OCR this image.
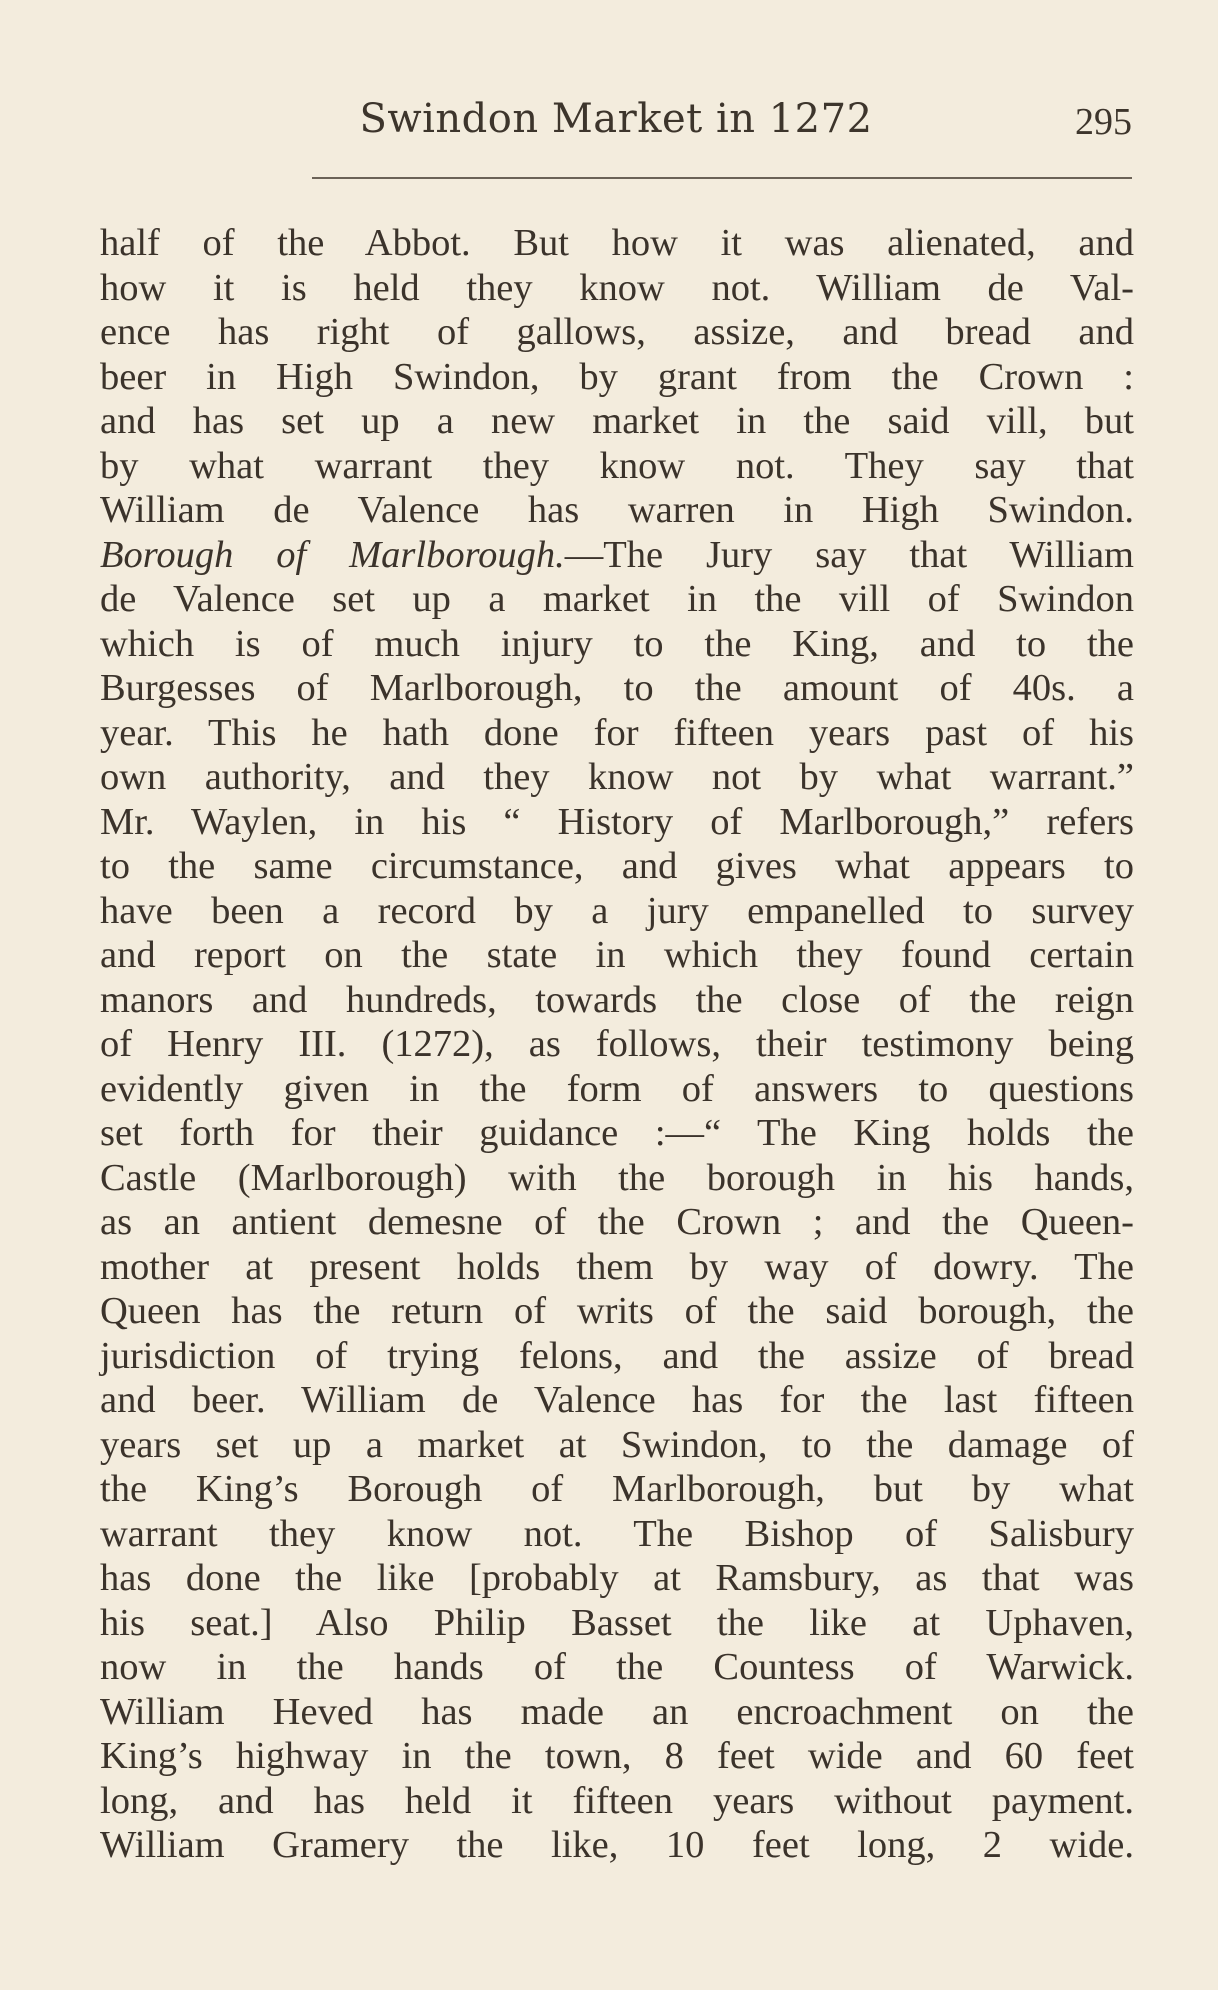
Swindon Market in 1272	295
half of the Abbot. But how it was alienated, and
how it is held they know not. William de Val-
ence has right of gallows, assize, and bread and
beer in High Swindon, by grant from the Crown :
and has set up a new market in the said vill, but
by what warrant they know not. They say that
William de Valence has warren in High Swindon.
Borough of Marlborough.—The Jury say that William
de Valence set up a market in the vill of Swindon
which is of much injury to the King, and to the
Burgesses of Marlborough, to the amount of 40s. a
year. This he hath done for fifteen years past of his
own authority, and they know not by what warrant.”
Mr. Waylen, in his “ History of Marlborough,” refers
to the same circumstance, and gives what appears to
have been a record by a jury empanelled to survey
and report on the state in which they found certain
manors and hundreds, towards the close of the reign
of Henry III. (1272), as follows, their testimony being
evidently given in the form of answers to questions
set forth for their guidance :—“ The King holds the
Castle (Marlborough) with the borough in his hands,
as an antient demesne of the Crown ; and the Queen-
mother at present holds them by way of dowry. The
Queen has the return of writs of the said borough, the
jurisdiction of trying felons, and the assize of bread
and beer. William de Valence has for the last fifteen
years set up a market at Swindon, to the damage of
the King’s Borough of Marlborough, but by what
warrant they know not. The Bishop of Salisbury
has done the like [probably at Ramsbury, as that was
his seat.] Also Philip Basset the like at Uphaven,
now in the hands of the Countess of Warwick.
William Heved has made an encroachment on the
King’s highway in the town, 8 feet wide and 60 feet
long, and has held it fifteen years without payment.
William Gramery the like, 10 feet long, 2 wide.
